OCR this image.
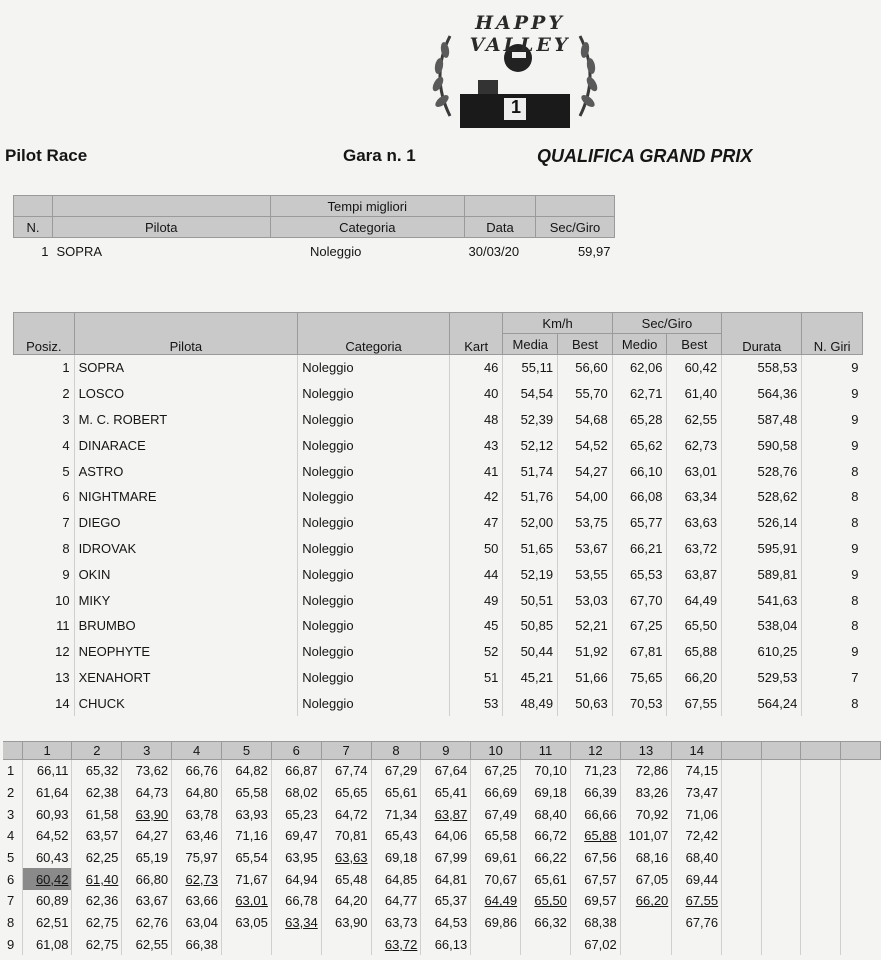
HAPPY VALLEY
1
Pilot Race	Gara n. 1	QUALIFICA GRAND PRIX
		Tempi migliori		
N.	Pilota	Categoria	Data	Sec/Giro
1	SOPRA	Noleggio	30/03/20	59,97
Posiz.	Pilota	Categoria	Kart	Km/h		Sec/Giro		Durata	N. Giri
				Media	Best	Medio	Best		
1	SOPRA	Noleggio	46	55,11	56,60	62,06	60,42	558,53	9
2	LOSCO	Noleggio	40	54,54	55,70	62,71	61,40	564,36	9
3	M. C. ROBERT	Noleggio	48	52,39	54,68	65,28	62,55	587,48	9
4	DINARACE	Noleggio	43	52,12	54,52	65,62	62,73	590,58	9
5	ASTRO	Noleggio	41	51,74	54,27	66,10	63,01	528,76	8
6	NIGHTMARE	Noleggio	42	51,76	54,00	66,08	63,34	528,62	8
7	DIEGO	Noleggio	47	52,00	53,75	65,77	63,63	526,14	8
8	IDROVAK	Noleggio	50	51,65	53,67	66,21	63,72	595,91	9
9	OKIN	Noleggio	44	52,19	53,55	65,53	63,87	589,81	9
10	MIKY	Noleggio	49	50,51	53,03	67,70	64,49	541,63	8
11	BRUMBO	Noleggio	45	50,85	52,21	67,25	65,50	538,04	8
12	NEOPHYTE	Noleggio	52	50,44	51,92	67,81	65,88	610,25	9
13	XENAHORT	Noleggio	51	45,21	51,66	75,65	66,20	529,53	7
14	CHUCK	Noleggio	53	48,49	50,63	70,53	67,55	564,24	8
	1	2	3	4	5	6	7	8	9	10	11	12	13	14				
1	66,11	65,32	73,62	66,76	64,82	66,87	67,74	67,29	67,64	67,25	70,10	71,23	72,86	74,15				
2	61,64	62,38	64,73	64,80	65,58	68,02	65,65	65,61	65,41	66,69	69,18	66,39	83,26	73,47				
3	60,93	61,58	63,90	63,78	63,93	65,23	64,72	71,34	63,87	67,49	68,40	66,66	70,92	71,06				
4	64,52	63,57	64,27	63,46	71,16	69,47	70,81	65,43	64,06	65,58	66,72	65,88	101,07	72,42				
5	60,43	62,25	65,19	75,97	65,54	63,95	63,63	69,18	67,99	69,61	66,22	67,56	68,16	68,40				
6	60,42	61,40	66,80	62,73	71,67	64,94	65,48	64,85	64,81	70,67	65,61	67,57	67,05	69,44				
7	60,89	62,36	63,67	63,66	63,01	66,78	64,20	64,77	65,37	64,49	65,50	69,57	66,20	67,55				
8	62,51	62,75	62,76	63,04	63,05	63,34	63,90	63,73	64,53	69,86	66,32	68,38		67,76				
9	61,08	62,75	62,55	66,38				63,72	66,13			67,02						
